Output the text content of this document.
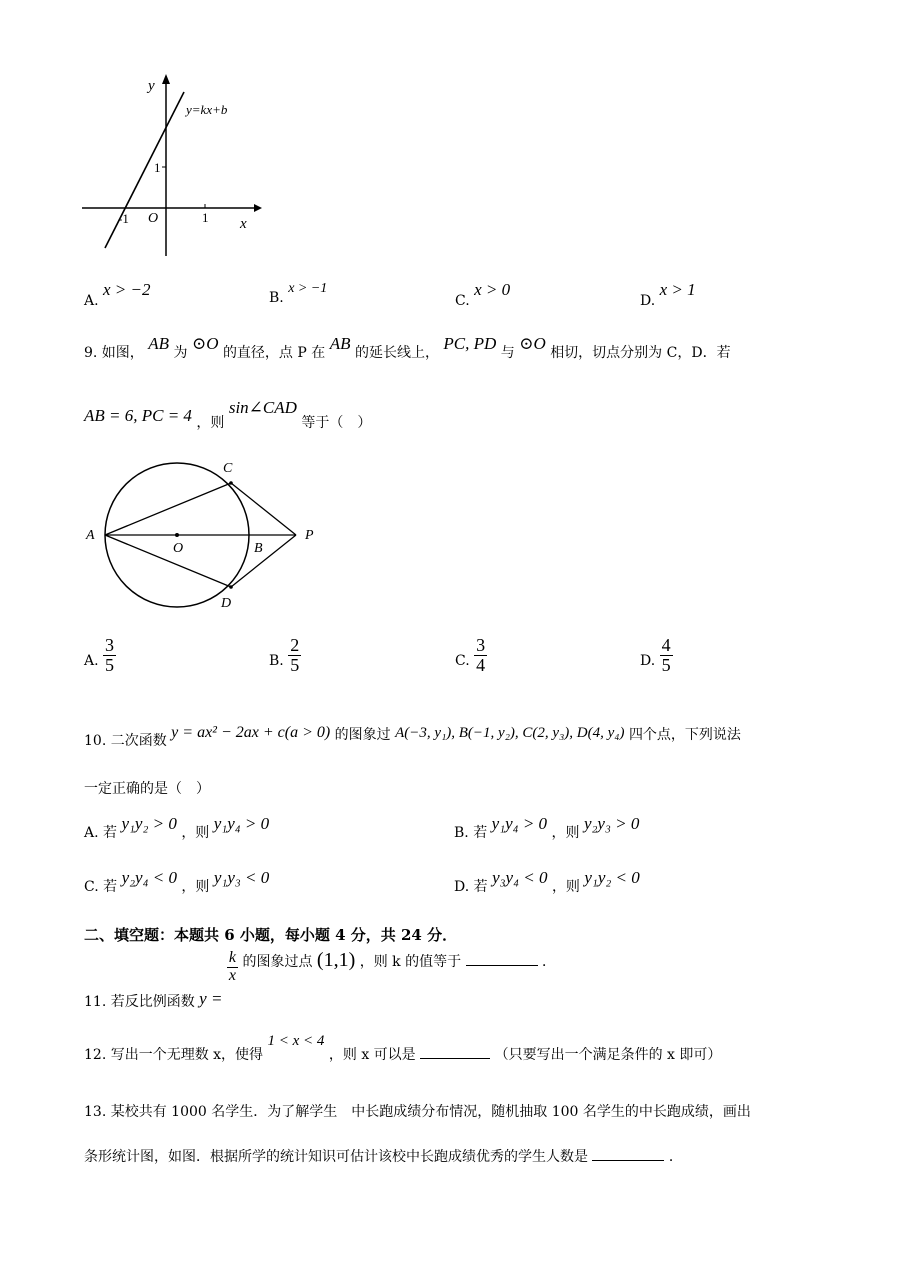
y
x
y=kx+b
1
-1 O	1
A. x > −2	B. x > −1
C. x > 0
D. x > 1
9. 如图， AB 为 ⊙O 的直径，点 P 在 AB 的延长线上， PC, PD 与 ⊙O 相切，切点分别为 C，D．若
AB = 6, PC = 4 ，则 sin∠CAD 等于（　）
A
B
C
D
O
P
A. $\frac{3}{5}$	B. $\frac{2}{5}$	C. $\frac{3}{4}$	D. $\frac{4}{5}$
10. 二次函数 y = ax² − 2ax + c(a > 0) 的图象过 A(−3, y₁), B(−1, y₂), C(2, y₃), D(4, y₄) 四个点，下列说法
一定正确的是（　）
A. 若 y₁y₂ > 0 ，则 y₁y₄ > 0	B. 若 y₁y₄ > 0 ，则 y₂y₃ > 0
C. 若 y₂y₄ < 0 ，则 y₁y₃ < 0	D. 若 y₃y₄ < 0 ，则 y₁y₂ < 0
二、填空题：本题共 6 小题，每小题 4 分，共 24 分．
11. 若反比例函数 y =
$\frac{k}{x}$ 的图象过点 (1,1) ，则 k 的值等于	．
12. 写出一个无理数 x，使得 1 < x < 4 ，则 x 可以是	（只要写出一个满足条件的 x 即可）
13. 某校共有 1000 名学生．为了解学生　中长跑成绩分布情况，随机抽取 100 名学生的中长跑成绩，画出
条形统计图，如图．根据所学的统计知识可估计该校中长跑成绩优秀的学生人数是	．
